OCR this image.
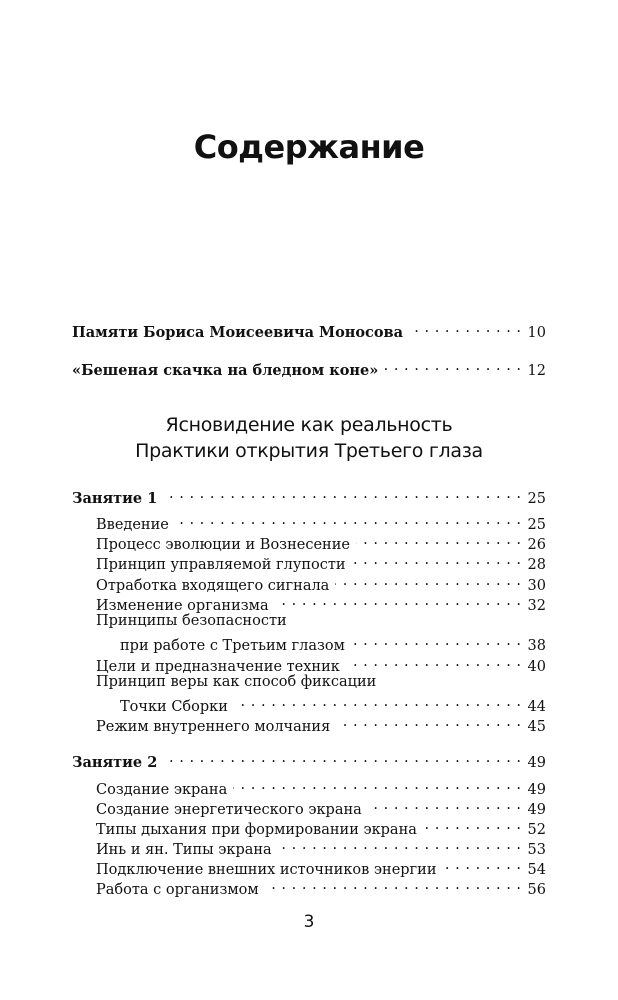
Содержание
Памяти Бориса Моисеевича Моносова . . .	10
«Бешеная скачка на бледном коне» . . .	12
Ясновидение как реальность
Практики открытия Третьего глаза
Занятие 1 . . .	25
Введение . . .	25
Процесс эволюции и Вознесение . . .	26
Принцип управляемой глупости . . .	28
Отработка входящего сигнала . . .	30
Изменение организма . . .	32
Принципы безопасности
при работе с Третьим глазом . . .	38
Цели и предназначение техник . . .	40
Принцип веры как способ фиксации
Точки Сборки . . .	44
Режим внутреннего молчания . . .	45
Занятие 2 . . .	49
Создание экрана . . .	49
Создание энергетического экрана . . .	49
Типы дыхания при формировании экрана . . .	52
Инь и ян. Типы экрана . . .	53
Подключение внешних источников энергии . . .	54
Работа с организмом . . .	56
3
